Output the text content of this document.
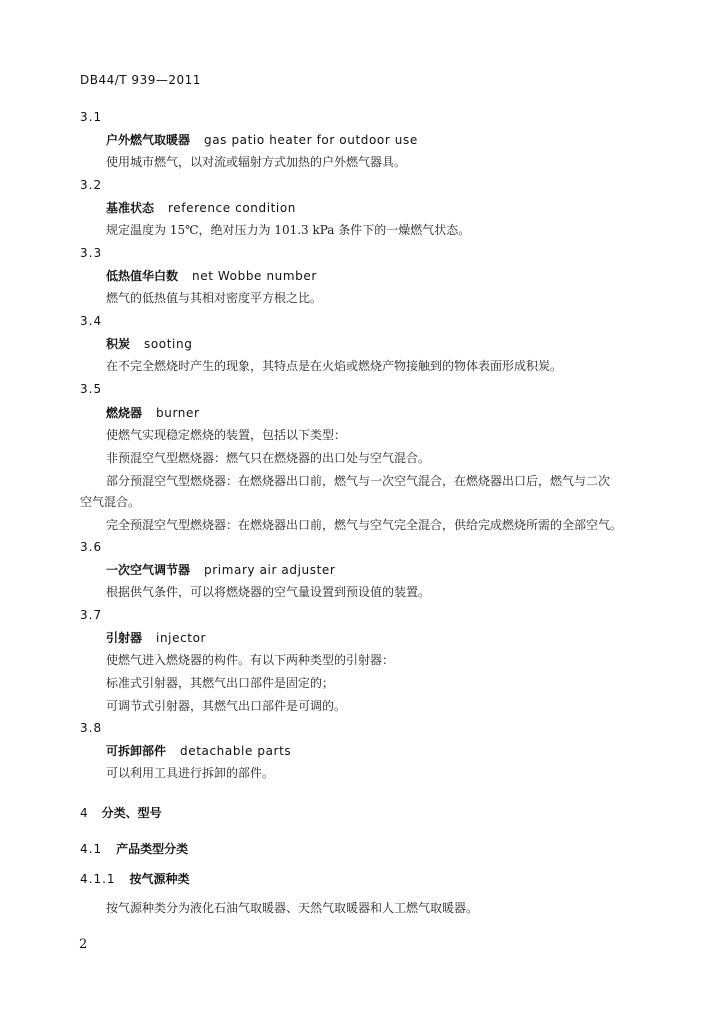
DB44/T 939—2011
3.1
户外燃气取暖器 gas patio heater for outdoor use
使用城市燃气，以对流或辐射方式加热的户外燃气器具。
3.2
基准状态 reference condition
规定温度为 15℃，绝对压力为 101.3 kPa 条件下的一燥燃气状态。
3.3
低热值华白数 net Wobbe number
燃气的低热值与其相对密度平方根之比。
3.4
积炭 sooting
在不完全燃烧时产生的现象，其特点是在火焰或燃烧产物接触到的物体表面形成积炭。
3.5
燃烧器 burner
使燃气实现稳定燃烧的装置，包括以下类型：
非预混空气型燃烧器：燃气只在燃烧器的出口处与空气混合。
部分预混空气型燃烧器：在燃烧器出口前，燃气与一次空气混合，在燃烧器出口后，燃气与二次
空气混合。
完全预混空气型燃烧器：在燃烧器出口前，燃气与空气完全混合，供给完成燃烧所需的全部空气。
3.6
一次空气调节器 primary air adjuster
根据供气条件，可以将燃烧器的空气量设置到预设值的装置。
3.7
引射器 injector
使燃气进入燃烧器的构件。有以下两种类型的引射器：
标准式引射器，其燃气出口部件是固定的；
可调节式引射器，其燃气出口部件是可调的。
3.8
可拆卸部件 detachable parts
可以利用工具进行拆卸的部件。
4 分类、型号
4.1 产品类型分类
4.1.1 按气源种类
按气源种类分为液化石油气取暖器、天然气取暖器和人工燃气取暖器。
2
